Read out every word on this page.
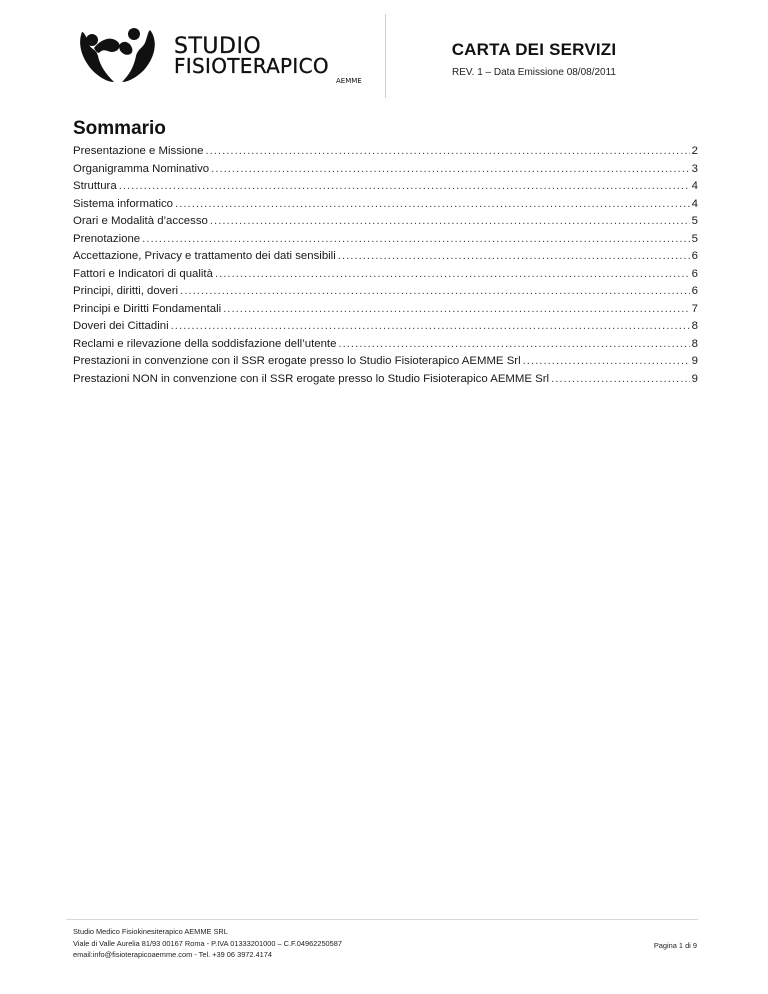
STUDIO
FISIOTERAPICO
AEMME
CARTA DEI SERVIZI
REV. 1 – Data Emissione 08/08/2011
Sommario
Presentazione e Missione .....	2
Organigramma Nominativo .....	3
Struttura .....	4
Sistema informatico .....	4
Orari e Modalità d’accesso .....	5
Prenotazione .....	5
Accettazione, Privacy e trattamento dei dati sensibili .....	6
Fattori e Indicatori di qualità .....	6
Principi, diritti, doveri .....	6
Principi e Diritti Fondamentali .....	7
Doveri dei Cittadini .....	8
Reclami e rilevazione della soddisfazione dell’utente .....	8
Prestazioni in convenzione con il SSR erogate presso lo Studio Fisioterapico AEMME Srl .....	9
Prestazioni NON in convenzione con il SSR erogate presso lo Studio Fisioterapico AEMME Srl .....	9
Studio Medico Fisiokinesiterapico AEMME SRL
Viale di Valle Aurelia 81/93 00167 Roma - P.IVA 01333201000 – C.F.04962250587
email:info@fisioterapicoaemme.com - Tel. +39 06 3972.4174
Pagina 1 di 9
